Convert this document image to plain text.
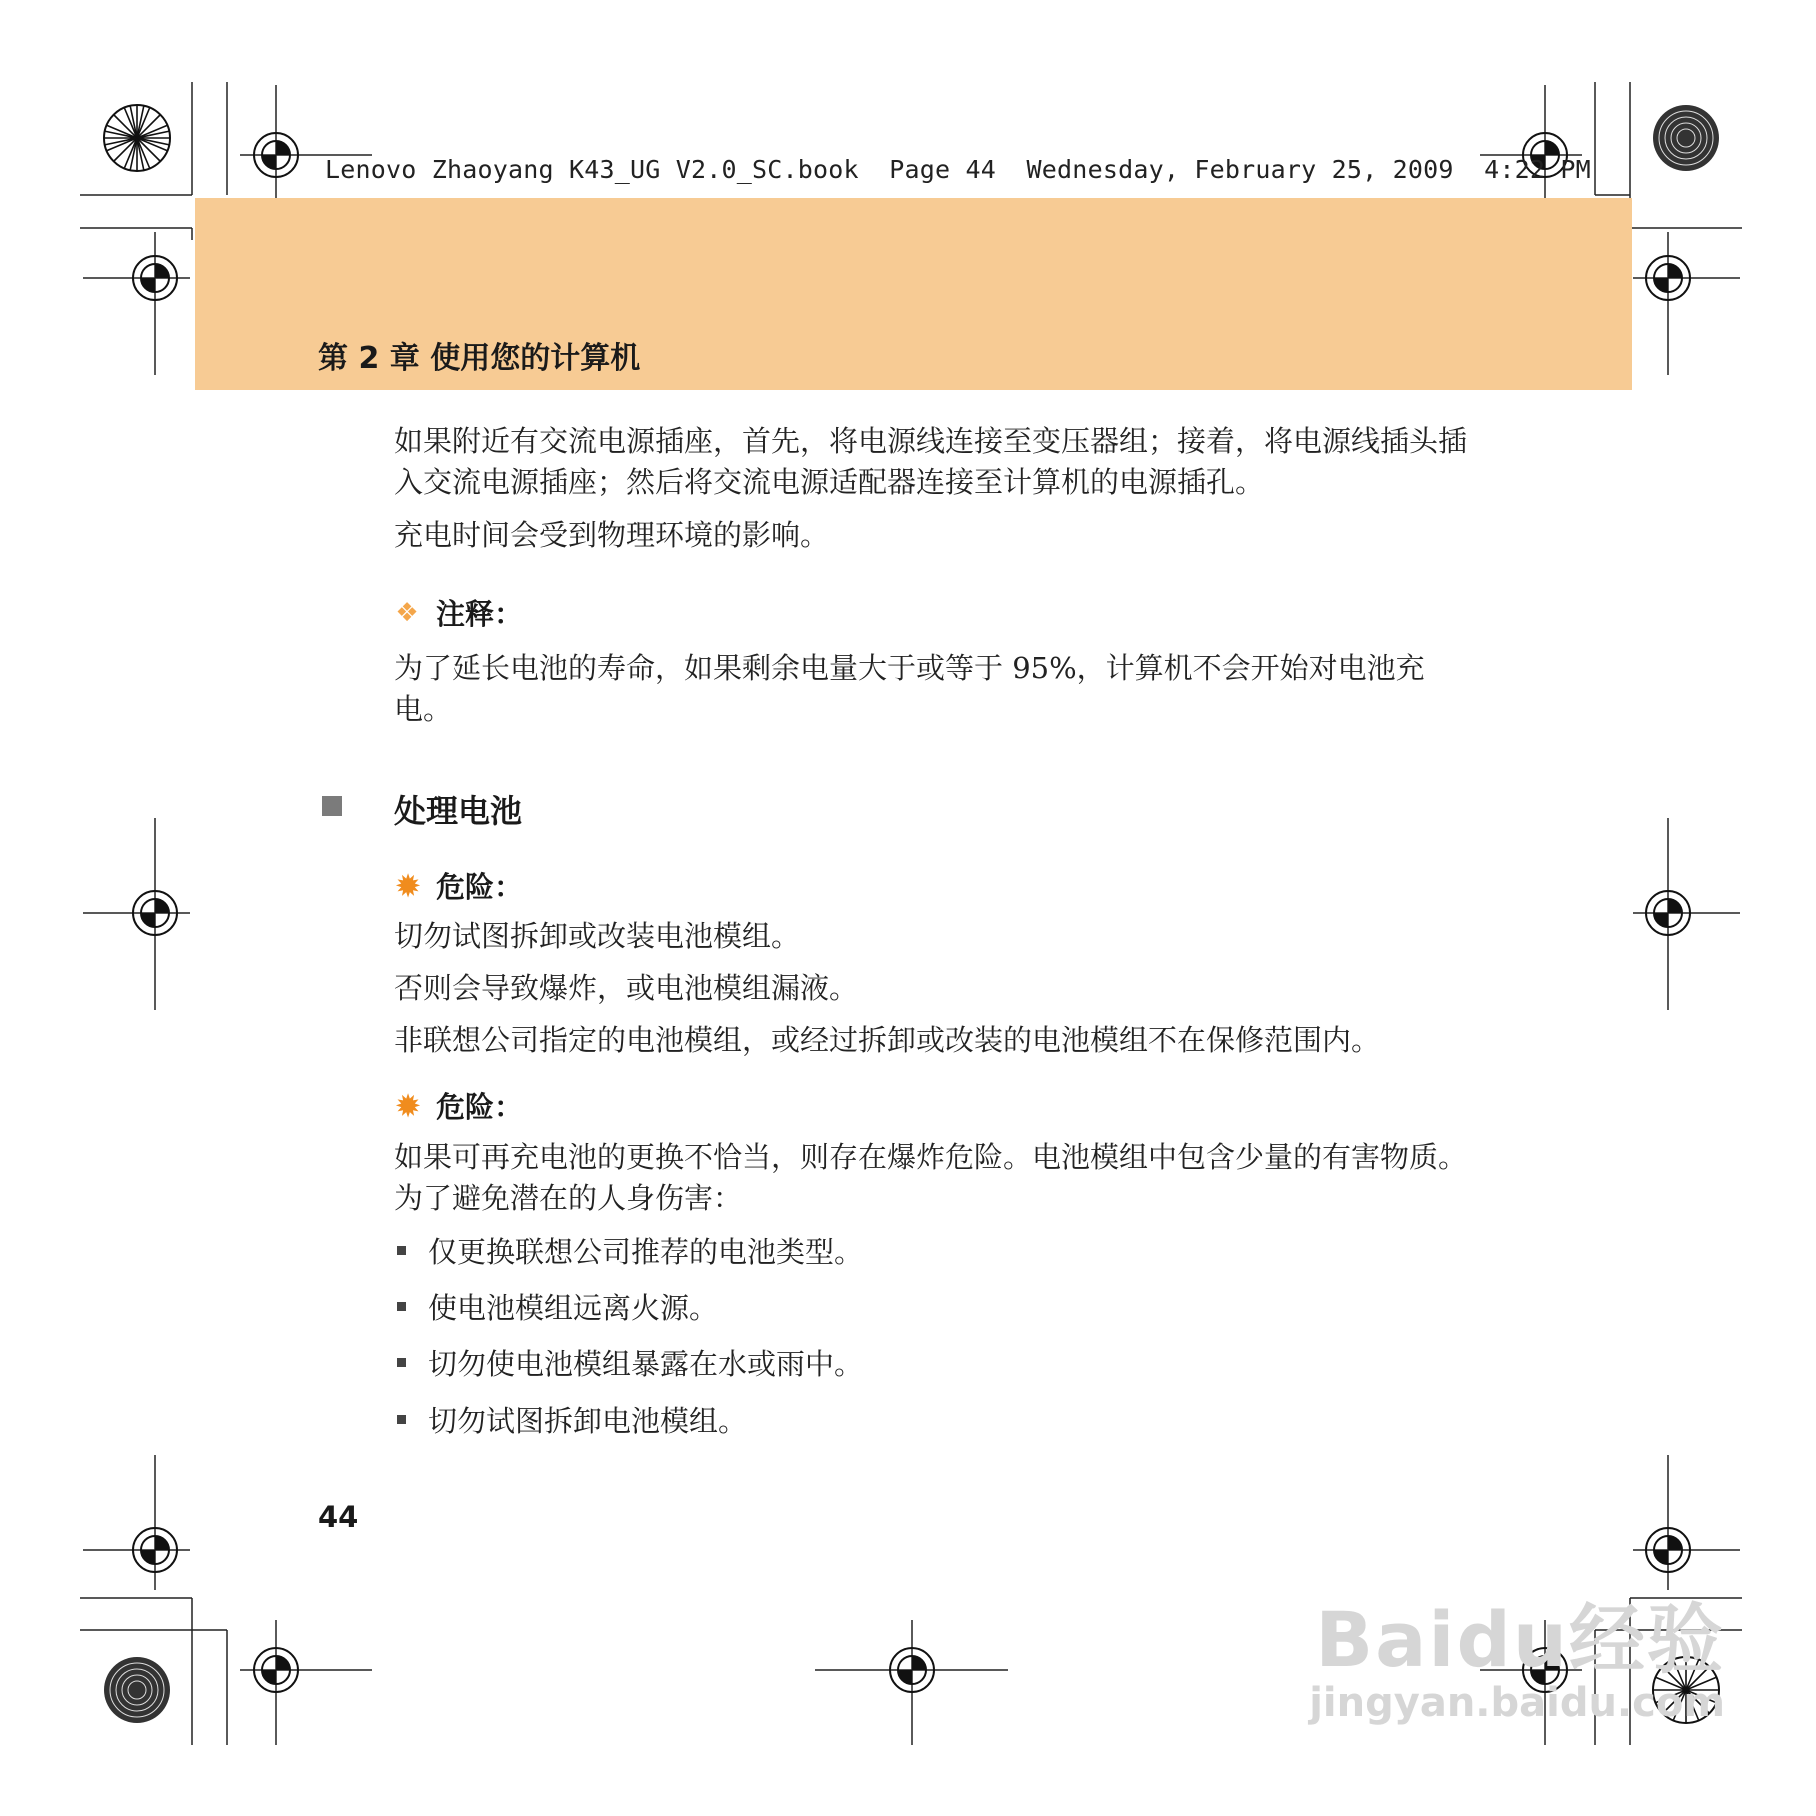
Lenovo Zhaoyang K43_UG V2.0_SC.book  Page 44  Wednesday, February 25, 2009  4:22 PM
第 2 章 使用您的计算机
如果附近有交流电源插座，首先，将电源线连接至变压器组；接着，将电源线插头插入交流电源插座；然后将交流电源适配器连接至计算机的电源插孔。
充电时间会受到物理环境的影响。
❖ 注释：
为了延长电池的寿命，如果剩余电量大于或等于 95%，计算机不会开始对电池充电。
处理电池
✹ 危险：
切勿试图拆卸或改装电池模组。
否则会导致爆炸，或电池模组漏液。
非联想公司指定的电池模组，或经过拆卸或改装的电池模组不在保修范围内。
✹ 危险：
如果可再充电池的更换不恰当，则存在爆炸危险。电池模组中包含少量的有害物质。为了避免潜在的人身伤害：
仅更换联想公司推荐的电池类型。
使电池模组远离火源。
切勿使电池模组暴露在水或雨中。
切勿试图拆卸电池模组。
44
Baidu经验
jingyan.baidu.com
